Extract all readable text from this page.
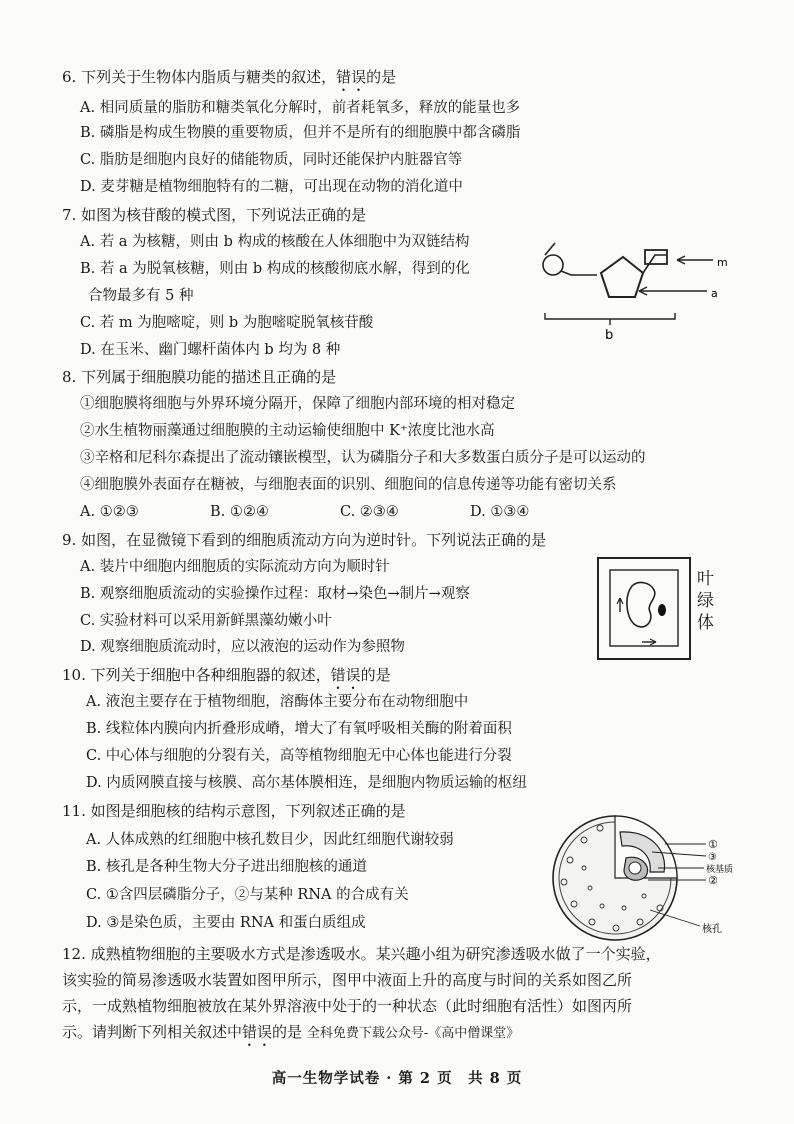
6. 下列关于生物体内脂质与糖类的叙述，错误的是
A. 相同质量的脂肪和糖类氧化分解时，前者耗氧多，释放的能量也多
B. 磷脂是构成生物膜的重要物质，但并不是所有的细胞膜中都含磷脂
C. 脂肪是细胞内良好的储能物质，同时还能保护内脏器官等
D. 麦芽糖是植物细胞特有的二糖，可出现在动物的消化道中
7. 如图为核苷酸的模式图，下列说法正确的是
A. 若 a 为核糖，则由 b 构成的核酸在人体细胞中为双链结构
B. 若 a 为脱氧核糖，则由 b 构成的核酸彻底水解，得到的化
合物最多有 5 种
C. 若 m 为胞嘧啶，则 b 为胞嘧啶脱氧核苷酸
D. 在玉米、幽门螺杆菌体内 b 均为 8 种
m
a
b
8. 下列属于细胞膜功能的描述且正确的是
①细胞膜将细胞与外界环境分隔开，保障了细胞内部环境的相对稳定
②水生植物丽藻通过细胞膜的主动运输使细胞中 K⁺浓度比池水高
③辛格和尼科尔森提出了流动镶嵌模型，认为磷脂分子和大多数蛋白质分子是可以运动的
④细胞膜外表面存在糖被，与细胞表面的识别、细胞间的信息传递等功能有密切关系
A. ①②③	B. ①②④	C. ②③④	D. ①③④
9. 如图，在显微镜下看到的细胞质流动方向为逆时针。下列说法正确的是
A. 装片中细胞内细胞质的实际流动方向为顺时针
B. 观察细胞质流动的实验操作过程：取材→染色→制片→观察
C. 实验材料可以采用新鲜黑藻幼嫩小叶
D. 观察细胞质流动时，应以液泡的运动作为参照物
叶
绿
体
10. 下列关于细胞中各种细胞器的叙述，错误的是
A. 液泡主要存在于植物细胞，溶酶体主要分布在动物细胞中
B. 线粒体内膜向内折叠形成嵴，增大了有氧呼吸相关酶的附着面积
C. 中心体与细胞的分裂有关，高等植物细胞无中心体也能进行分裂
D. 内质网膜直接与核膜、高尔基体膜相连，是细胞内物质运输的枢纽
11. 如图是细胞核的结构示意图，下列叙述正确的是
A. 人体成熟的红细胞中核孔数目少，因此红细胞代谢较弱
B. 核孔是各种生物大分子进出细胞核的通道
C. ①含四层磷脂分子，②与某种 RNA 的合成有关
D. ③是染色质，主要由 RNA 和蛋白质组成
①
③
核基质
②
核孔
12. 成熟植物细胞的主要吸水方式是渗透吸水。某兴趣小组为研究渗透吸水做了一个实验，
该实验的简易渗透吸水装置如图甲所示，图甲中液面上升的高度与时间的关系如图乙所
示，一成熟植物细胞被放在某外界溶液中处于的一种状态（此时细胞有活性）如图丙所
示。请判断下列相关叙述中错误的是 全科免费下载公众号-《高中僧课堂》
高一生物学试卷 · 第 2 页　共 8 页
